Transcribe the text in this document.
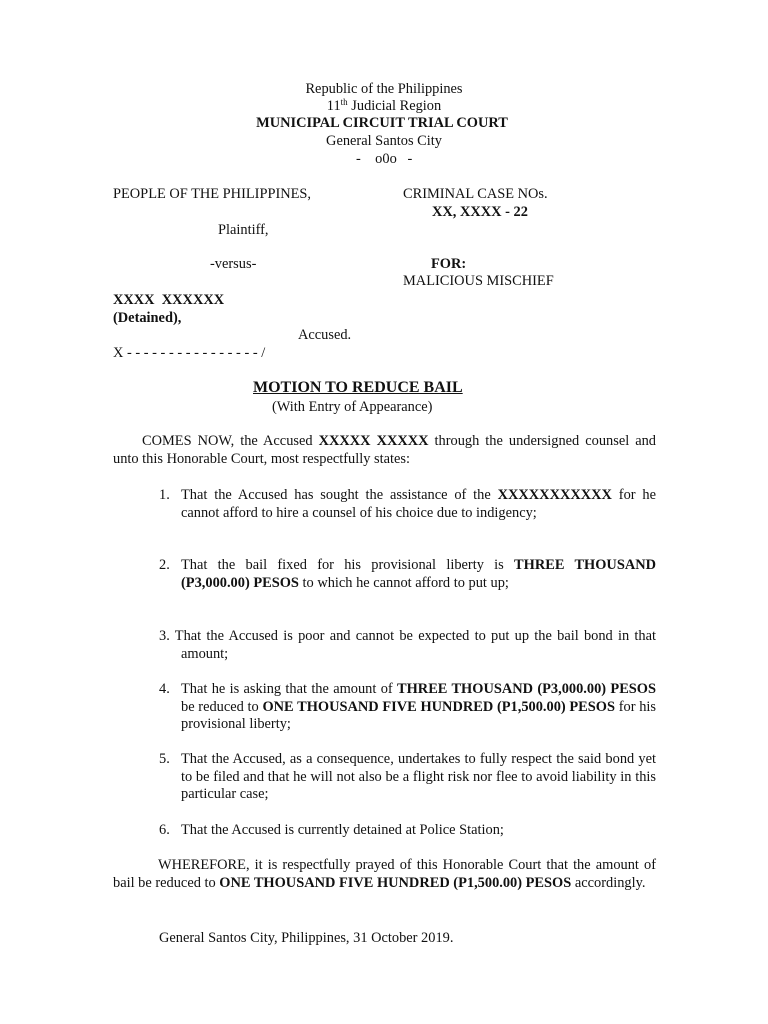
Republic of the Philippines
11th Judicial Region
MUNICIPAL CIRCUIT TRIAL COURT
General Santos City
-    o0o   -
PEOPLE OF THE PHILIPPINES,	CRIMINAL CASE NOs.
XX, XXXX - 22
Plaintiff,
-versus-	FOR:
MALICIOUS MISCHIEF
XXXX  XXXXXX
(Detained),
Accused.
X - - - - - - - - - - - - - - - - /
MOTION TO REDUCE BAIL
(With Entry of Appearance)
COMES NOW, the Accused XXXXX XXXXX through the undersigned counsel and unto this Honorable Court, most respectfully states:
1. That the Accused has sought the assistance of the XXXXXXXXXXX for he cannot afford to hire a counsel of his choice due to indigency;
2. That the bail fixed for his provisional liberty is THREE THOUSAND (P3,000.00) PESOS to which he cannot afford to put up;
3. That the Accused is poor and cannot be expected to put up the bail bond in that amount;
4. That he is asking that the amount of THREE THOUSAND (P3,000.00) PESOS be reduced to ONE THOUSAND FIVE HUNDRED (P1,500.00) PESOS for his provisional liberty;
5. That the Accused, as a consequence, undertakes to fully respect the said bond yet to be filed and that he will not also be a flight risk nor flee to avoid liability in this particular case;
6. That the Accused is currently detained at Police Station;
WHEREFORE, it is respectfully prayed of this Honorable Court that the amount of bail be reduced to ONE THOUSAND FIVE HUNDRED (P1,500.00) PESOS accordingly.
General Santos City, Philippines, 31 October 2019.
